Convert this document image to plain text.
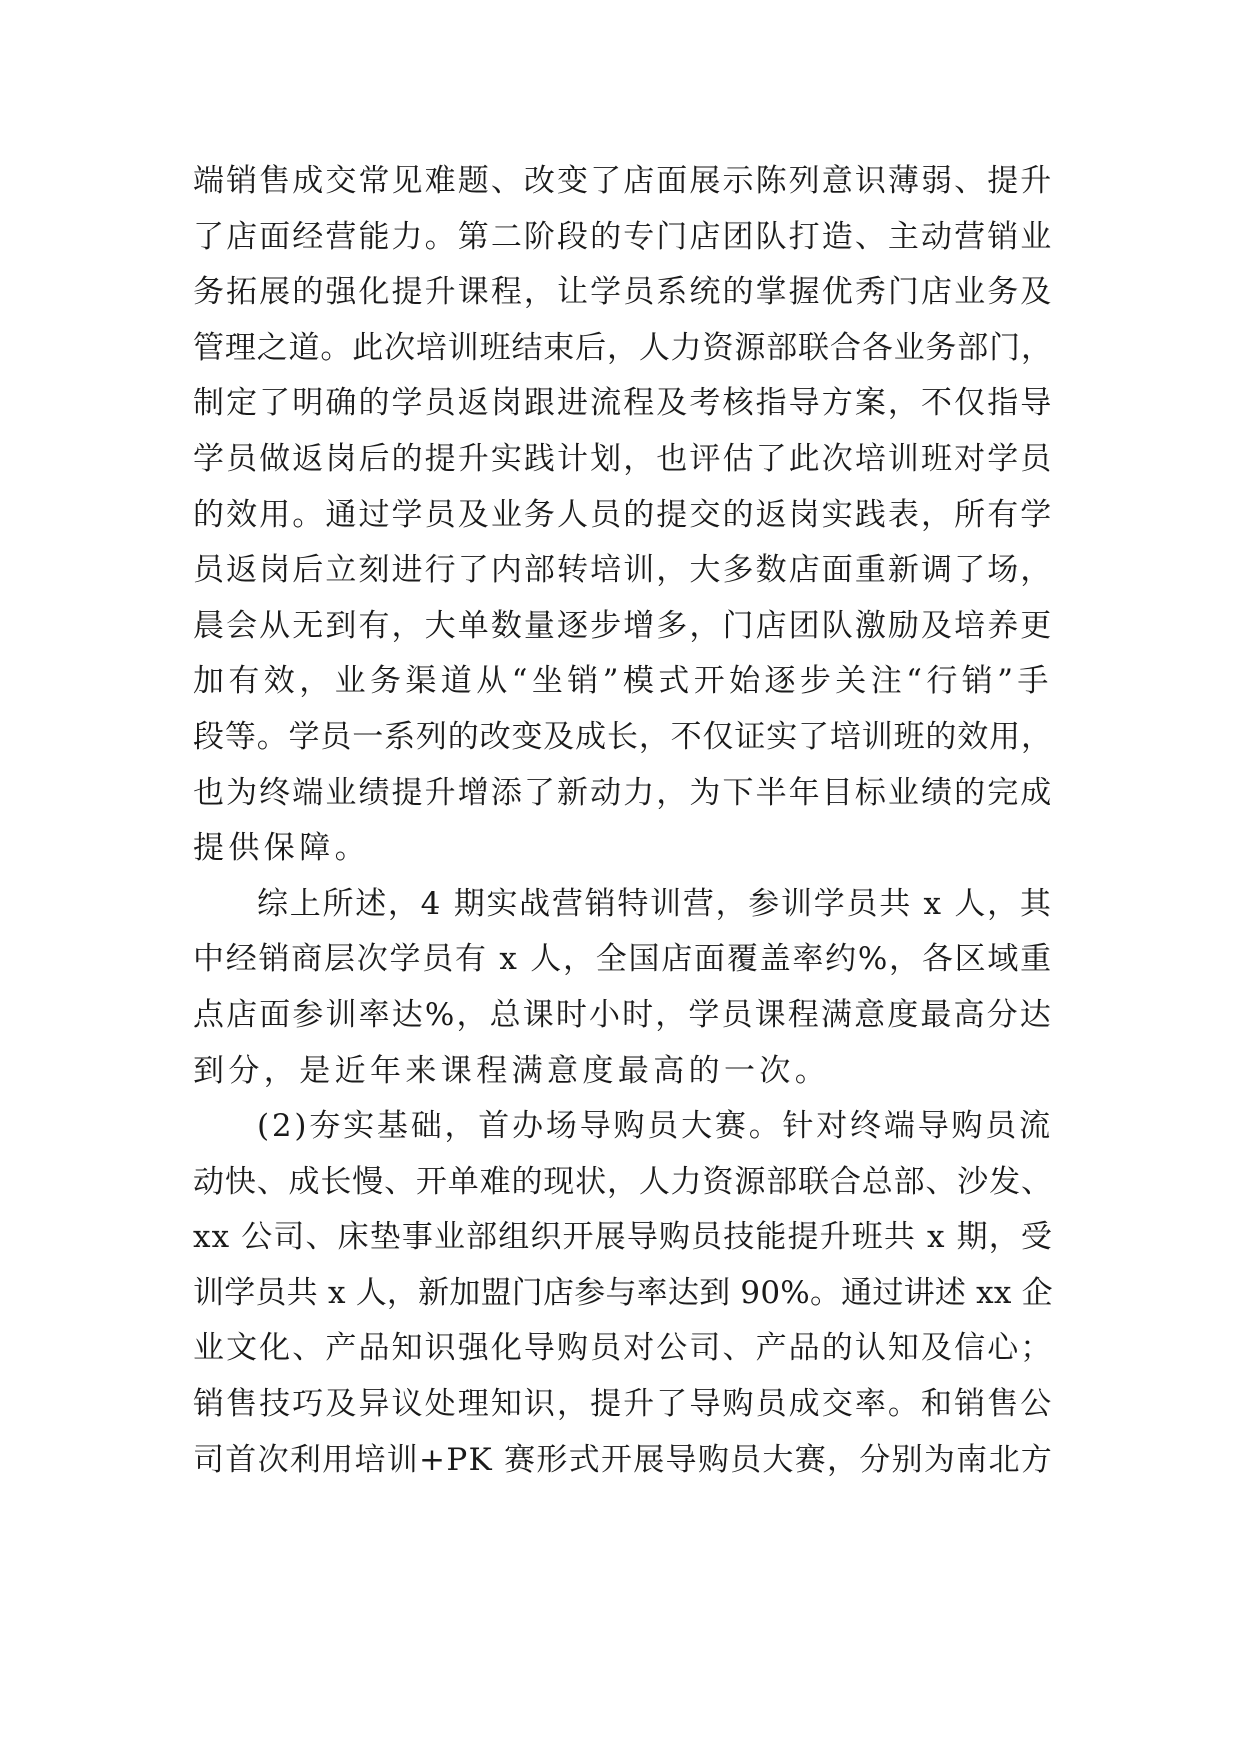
端销售成交常见难题、改变了店面展示陈列意识薄弱、提升
了店面经营能力。第二阶段的专门店团队打造、主动营销业
务拓展的强化提升课程，让学员系统的掌握优秀门店业务及
管理之道。此次培训班结束后，人力资源部联合各业务部门，
制定了明确的学员返岗跟进流程及考核指导方案，不仅指导
学员做返岗后的提升实践计划，也评估了此次培训班对学员
的效用。通过学员及业务人员的提交的返岗实践表，所有学
员返岗后立刻进行了内部转培训，大多数店面重新调了场，
晨会从无到有，大单数量逐步增多，门店团队激励及培养更
加有效，业务渠道从“坐销”模式开始逐步关注“行销”手
段等。学员一系列的改变及成长，不仅证实了培训班的效用，
也为终端业绩提升增添了新动力，为下半年目标业绩的完成
提供保障。
综上所述，4 期实战营销特训营，参训学员共 x 人，其
中经销商层次学员有 x 人，全国店面覆盖率约%，各区域重
点店面参训率达%，总课时小时，学员课程满意度最高分达
到分，是近年来课程满意度最高的一次。
(2)夯实基础，首办场导购员大赛。针对终端导购员流
动快、成长慢、开单难的现状，人力资源部联合总部、沙发、
xx 公司、床垫事业部组织开展导购员技能提升班共 x 期，受
训学员共 x 人，新加盟门店参与率达到 90%。通过讲述 xx 企
业文化、产品知识强化导购员对公司、产品的认知及信心；
销售技巧及异议处理知识，提升了导购员成交率。和销售公
司首次利用培训+PK 赛形式开展导购员大赛，分别为南北方
